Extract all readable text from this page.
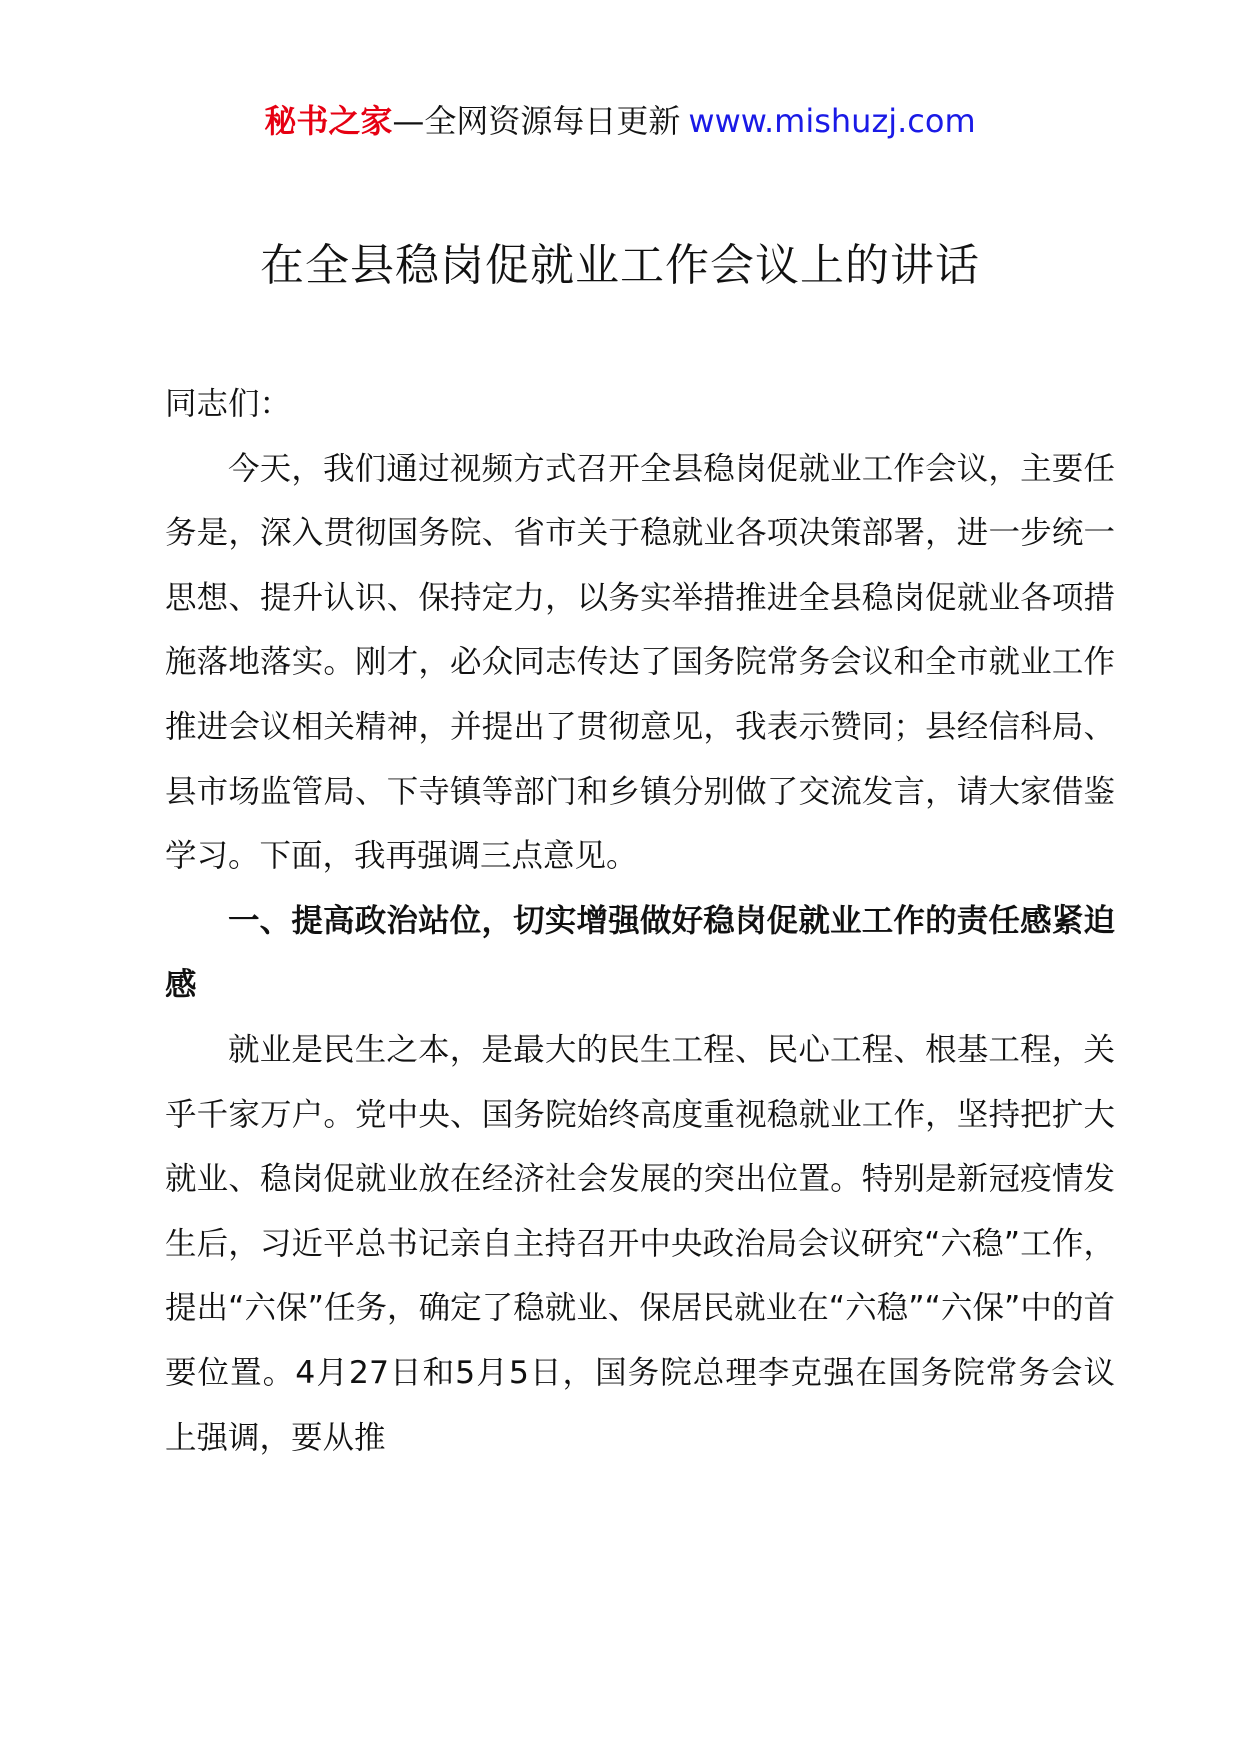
秘书之家—全网资源每日更新 www.mishuzj.com
在全县稳岗促就业工作会议上的讲话

同志们：

今天，我们通过视频方式召开全县稳岗促就业工作会议，主要任务是，深入贯彻国务院、省市关于稳就业各项决策部署，进一步统一思想、提升认识、保持定力，以务实举措推进全县稳岗促就业各项措施落地落实。刚才，必众同志传达了国务院常务会议和全市就业工作推进会议相关精神，并提出了贯彻意见，我表示赞同；县经信科局、县市场监管局、下寺镇等部门和乡镇分别做了交流发言，请大家借鉴学习。下面，我再强调三点意见。

一、提高政治站位，切实增强做好稳岗促就业工作的责任感紧迫感

就业是民生之本，是最大的民生工程、民心工程、根基工程，关乎千家万户。党中央、国务院始终高度重视稳就业工作，坚持把扩大就业、稳岗促就业放在经济社会发展的突出位置。特别是新冠疫情发生后，习近平总书记亲自主持召开中央政治局会议研究“六稳”工作，提出“六保”任务，确定了稳就业、保居民就业在“六稳”“六保”中的首要位置。4月27日和5月5日，国务院总理李克强在国务院常务会议上强调，要从推
